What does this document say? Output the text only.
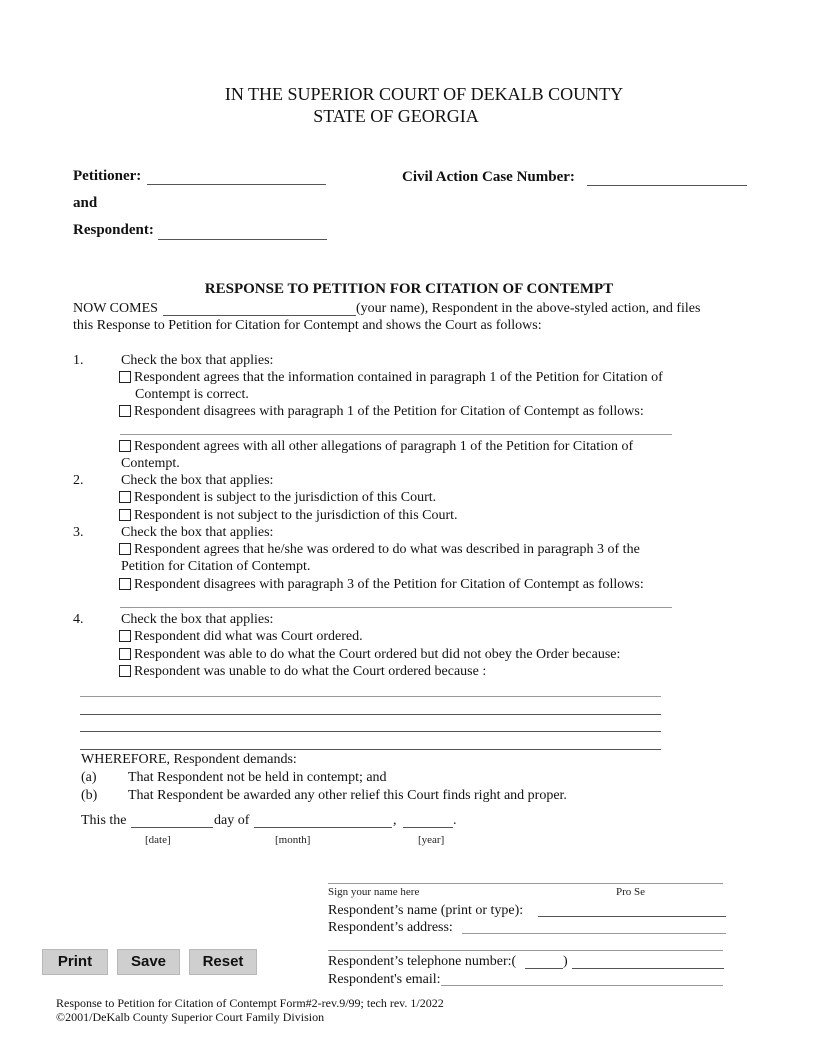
IN THE SUPERIOR COURT OF DEKALB COUNTY
STATE OF GEORGIA
Petitioner:	Civil Action Case Number:
and
Respondent:
RESPONSE TO PETITION FOR CITATION OF CONTEMPT
NOW COMES	(your name), Respondent in the above-styled action, and files
this Response to Petition for Citation for Contempt and shows the Court as follows:
1.	Check the box that applies:
Respondent agrees that the information contained in paragraph 1 of the Petition for Citation of
Contempt is correct.
Respondent disagrees with paragraph 1 of the Petition for Citation of Contempt as follows:
Respondent agrees with all other allegations of paragraph 1 of the Petition for Citation of
Contempt.
2.	Check the box that applies:
Respondent is subject to the jurisdiction of this Court.
Respondent is not subject to the jurisdiction of this Court.
3.	Check the box that applies:
Respondent agrees that he/she was ordered to do what was described in paragraph 3 of the
Petition for Citation of Contempt.
Respondent disagrees with paragraph 3 of the Petition for Citation of Contempt as follows:
4.	Check the box that applies:
Respondent did what was Court ordered.
Respondent was able to do what the Court ordered but did not obey the Order because:
Respondent was unable to do what the Court ordered because :
WHEREFORE, Respondent demands:
(a) That Respondent not be held in contempt; and
(b) That Respondent be awarded any other relief this Court finds right and proper.
This the	day of	,	.
[date]	[month]	[year]
Sign your name here	Pro Se
Respondent’s name (print or type):
Respondent’s address:
Respondent’s telephone number:(	)
Respondent's email:
Print	Save	Reset
Response to Petition for Citation of Contempt Form#2-rev.9/99; tech rev. 1/2022
©2001/DeKalb County Superior Court Family Division
